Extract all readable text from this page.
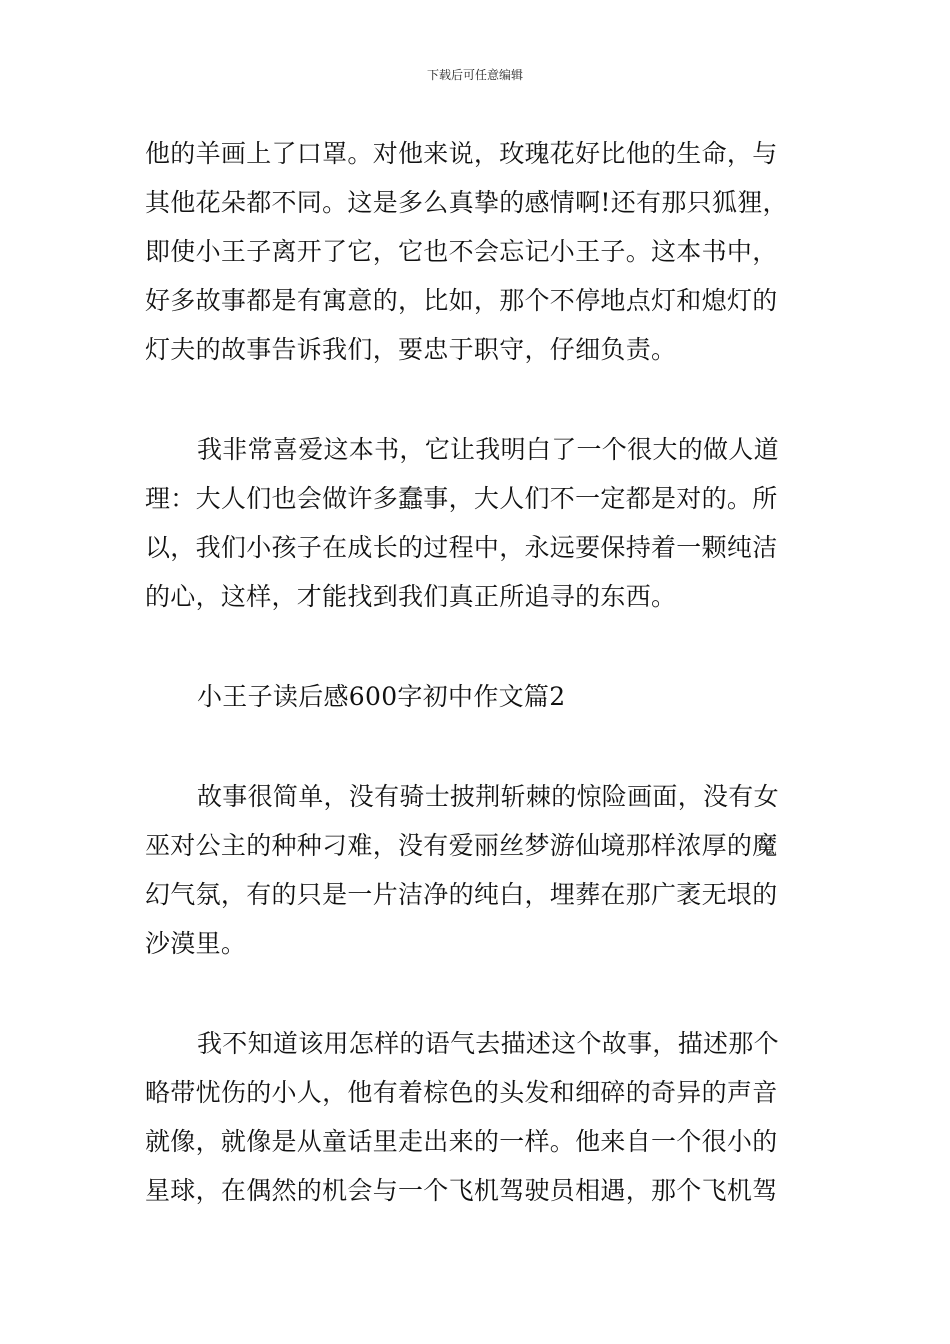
下载后可任意编辑

他的羊画上了口罩。对他来说，玫瑰花好比他的生命，与
其他花朵都不同。这是多么真挚的感情啊!还有那只狐狸，
即使小王子离开了它，它也不会忘记小王子。这本书中，
好多故事都是有寓意的，比如，那个不停地点灯和熄灯的
灯夫的故事告诉我们，要忠于职守，仔细负责。

我非常喜爱这本书，它让我明白了一个很大的做人道
理：大人们也会做许多蠢事，大人们不一定都是对的。所
以，我们小孩子在成长的过程中，永远要保持着一颗纯洁
的心，这样，才能找到我们真正所追寻的东西。

小王子读后感600字初中作文篇2

故事很简单，没有骑士披荆斩棘的惊险画面，没有女
巫对公主的种种刁难，没有爱丽丝梦游仙境那样浓厚的魔
幻气氛，有的只是一片洁净的纯白，埋葬在那广袤无垠的
沙漠里。

我不知道该用怎样的语气去描述这个故事，描述那个
略带忧伤的小人，他有着棕色的头发和细碎的奇异的声音
就像，就像是从童话里走出来的一样。他来自一个很小的
星球，在偶然的机会与一个飞机驾驶员相遇，那个飞机驾
